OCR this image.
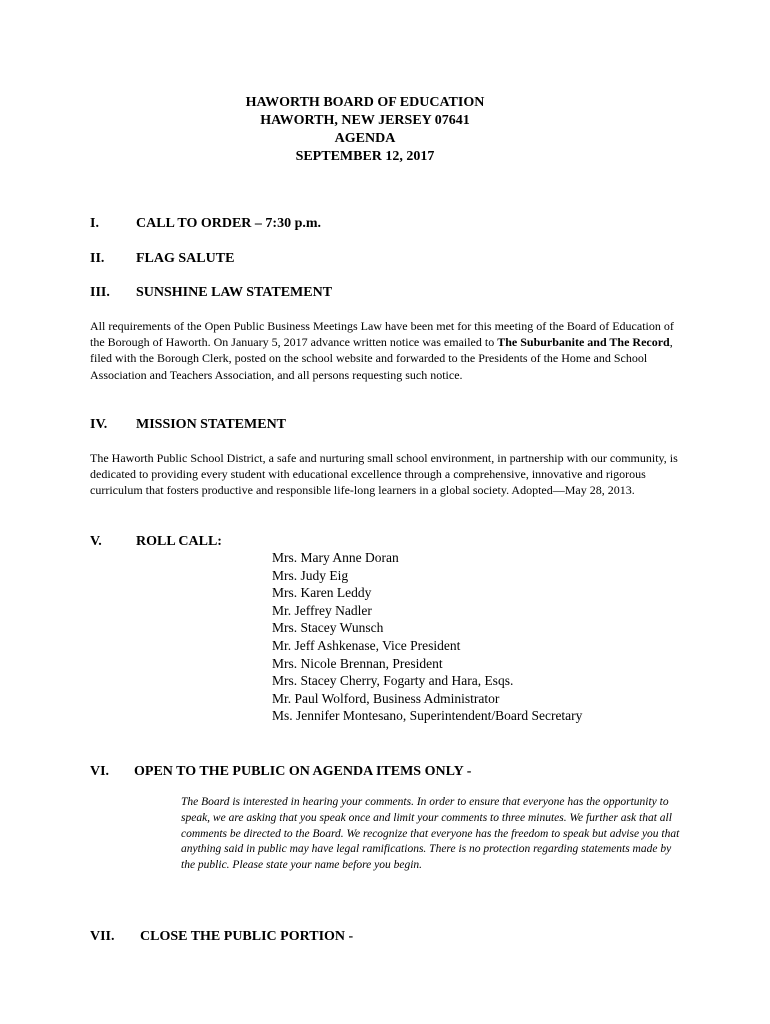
HAWORTH BOARD OF EDUCATION
HAWORTH, NEW JERSEY 07641
AGENDA
SEPTEMBER 12, 2017
I.	CALL TO ORDER – 7:30 p.m.
II. FLAG SALUTE
III. SUNSHINE LAW STATEMENT
All requirements of the Open Public Business Meetings Law have been met for this meeting of the Board of Education of the Borough of Haworth. On January 5, 2017 advance written notice was emailed to The Suburbanite and The Record, filed with the Borough Clerk, posted on the school website and forwarded to the Presidents of the Home and School Association and Teachers Association, and all persons requesting such notice.
IV. MISSION STATEMENT
The Haworth Public School District, a safe and nurturing small school environment, in partnership with our community, is dedicated to providing every student with educational excellence through a comprehensive, innovative and rigorous curriculum that fosters productive and responsible life-long learners in a global society. Adopted—May 28, 2013.
V. ROLL CALL:
Mrs. Mary Anne Doran
Mrs. Judy Eig
Mrs. Karen Leddy
Mr. Jeffrey Nadler
Mrs. Stacey Wunsch
Mr. Jeff Ashkenase, Vice President
Mrs. Nicole Brennan, President
Mrs. Stacey Cherry, Fogarty and Hara, Esqs.
Mr. Paul Wolford, Business Administrator
Ms. Jennifer Montesano, Superintendent/Board Secretary
VI. OPEN TO THE PUBLIC ON AGENDA ITEMS ONLY -
The Board is interested in hearing your comments. In order to ensure that everyone has the opportunity to speak, we are asking that you speak once and limit your comments to three minutes. We further ask that all comments be directed to the Board. We recognize that everyone has the freedom to speak but advise you that anything said in public may have legal ramifications. There is no protection regarding statements made by the public. Please state your name before you begin.
VII. CLOSE THE PUBLIC PORTION -
